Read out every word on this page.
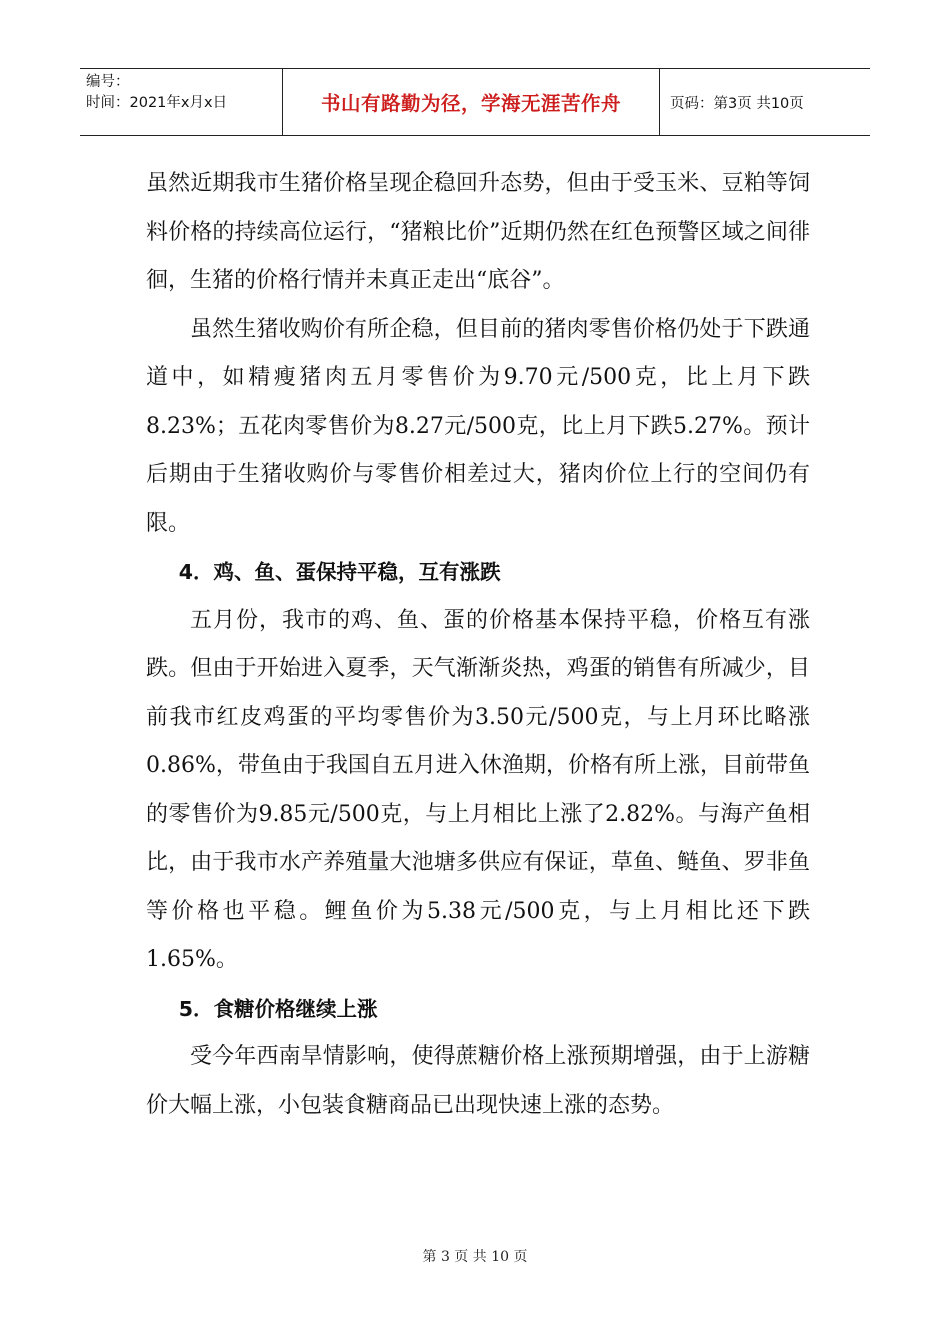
编号：
时间：2021年x月x日	书山有路勤为径，学海无涯苦作舟	页码：第3页 共10页

虽然近期我市生猪价格呈现企稳回升态势，但由于受玉米、豆粕等饲料价格的持续高位运行，“猪粮比价”近期仍然在红色预警区域之间徘徊，生猪的价格行情并未真正走出“底谷”。

虽然生猪收购价有所企稳，但目前的猪肉零售价格仍处于下跌通道中，如精瘦猪肉五月零售价为9.70元/500克，比上月下跌8.23%；五花肉零售价为8.27元/500克，比上月下跌5.27%。预计后期由于生猪收购价与零售价相差过大，猪肉价位上行的空间仍有限。

4．鸡、鱼、蛋保持平稳，互有涨跌

五月份，我市的鸡、鱼、蛋的价格基本保持平稳，价格互有涨跌。但由于开始进入夏季，天气渐渐炎热，鸡蛋的销售有所减少，目前我市红皮鸡蛋的平均零售价为3.50元/500克，与上月环比略涨0.86%，带鱼由于我国自五月进入休渔期，价格有所上涨，目前带鱼的零售价为9.85元/500克，与上月相比上涨了2.82%。与海产鱼相比，由于我市水产养殖量大池塘多供应有保证，草鱼、鲢鱼、罗非鱼等价格也平稳。鲤鱼价为5.38元/500克，与上月相比还下跌1.65%。

5．食糖价格继续上涨

受今年西南旱情影响，使得蔗糖价格上涨预期增强，由于上游糖价大幅上涨，小包装食糖商品已出现快速上涨的态势。

第 3 页 共 10 页
